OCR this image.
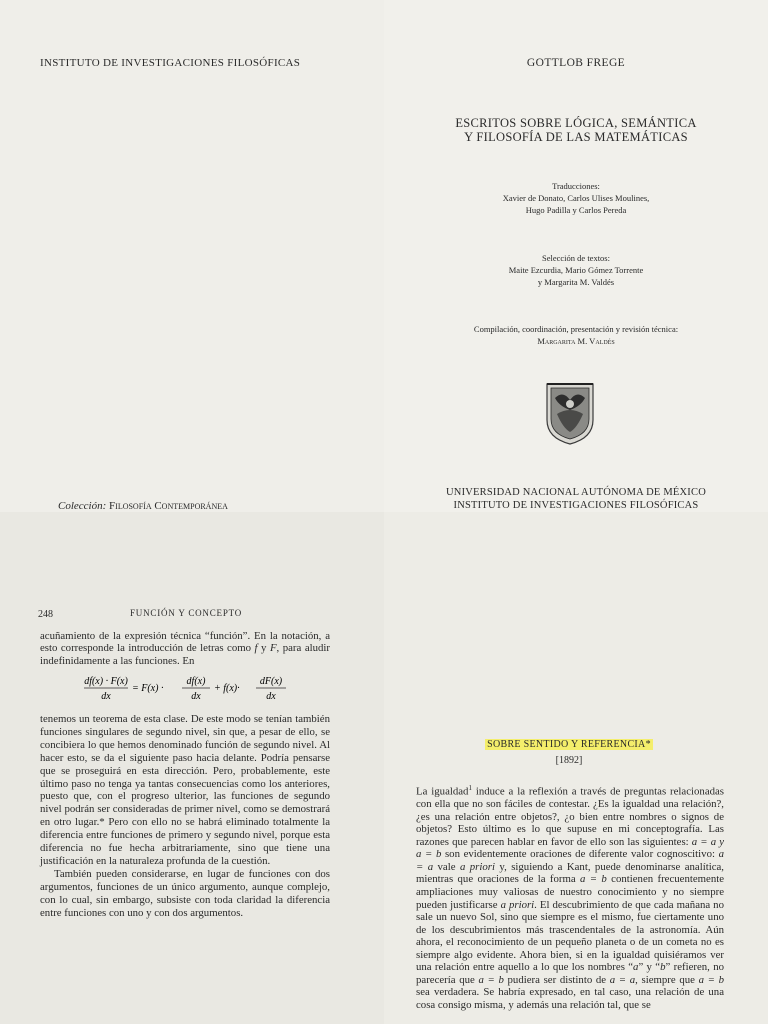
INSTITUTO DE INVESTIGACIONES FILOSÓFICAS
Colección: Filosofía Contemporánea
GOTTLOB FREGE
ESCRITOS SOBRE LÓGICA, SEMÁNTICA
Y FILOSOFÍA DE LAS MATEMÁTICAS
Traducciones:
Xavier de Donato, Carlos Ulises Moulines,
Hugo Padilla y Carlos Pereda
Selección de textos:
Maite Ezcurdia, Mario Gómez Torrente
y Margarita M. Valdés
Compilación, coordinación, presentación y revisión técnica:
Margarita M. Valdés
UNIVERSIDAD NACIONAL AUTÓNOMA DE MÉXICO
INSTITUTO DE INVESTIGACIONES FILOSÓFICAS
248	FUNCIÓN Y CONCEPTO

acuñamiento de la expresión técnica “función”. En la notación, a esto corresponde la introducción de letras como f y F, para aludir indefinidamente a las funciones. En

df(x) · F(x)
dx
= F(x) ·
df(x)
dx
+ f(x)·
dF(x)
dx

tenemos un teorema de esta clase. De este modo se tenían también funciones singulares de segundo nivel, sin que, a pesar de ello, se concibiera lo que hemos denominado función de segundo nivel. Al hacer esto, se da el siguiente paso hacia delante. Podría pensarse que se proseguirá en esta dirección. Pero, probablemente, este último paso no tenga ya tantas consecuencias como los anteriores, puesto que, con el progreso ulterior, las funciones de segundo nivel podrán ser consideradas de primer nivel, como se demostrará en otro lugar.* Pero con ello no se habrá eliminado totalmente la diferencia entre funciones de primero y segundo nivel, porque esta diferencia no fue hecha arbitrariamente, sino que tiene una justificación en la naturaleza profunda de la cuestión.

También pueden considerarse, en lugar de funciones con dos argumentos, funciones de un único argumento, aunque complejo, con lo cual, sin embargo, subsiste con toda claridad la diferencia entre funciones con uno y con dos argumentos.

SOBRE SENTIDO Y REFERENCIA*
[1892]

La igualdad$^1$ induce a la reflexión a través de preguntas relacionadas con ella que no son fáciles de contestar. ¿Es la igualdad una relación?, ¿es una relación entre objetos?, ¿o bien entre nombres o signos de objetos? Esto último es lo que supuse en mi conceptografía. Las razones que parecen hablar en favor de ello son las siguientes: a = a y a = b son evidentemente oraciones de diferente valor cognoscitivo: a = a vale a priori y, siguiendo a Kant, puede denominarse analítica, mientras que oraciones de la forma a = b contienen frecuentemente ampliaciones muy valiosas de nuestro conocimiento y no siempre pueden justificarse a priori. El descubrimiento de que cada mañana no sale un nuevo Sol, sino que siempre es el mismo, fue ciertamente uno de los descubrimientos más trascendentales de la astronomía. Aún ahora, el reconocimiento de un pequeño planeta o de un cometa no es siempre algo evidente. Ahora bien, si en la igualdad quisiéramos ver una relación entre aquello a lo que los nombres “a” y “b” refieren, no parecería que a = b pudiera ser distinto de a = a, siempre que a = b sea verdadera. Se habría expresado, en tal caso, una relación de una cosa consigo misma, y además una relación tal, que se
